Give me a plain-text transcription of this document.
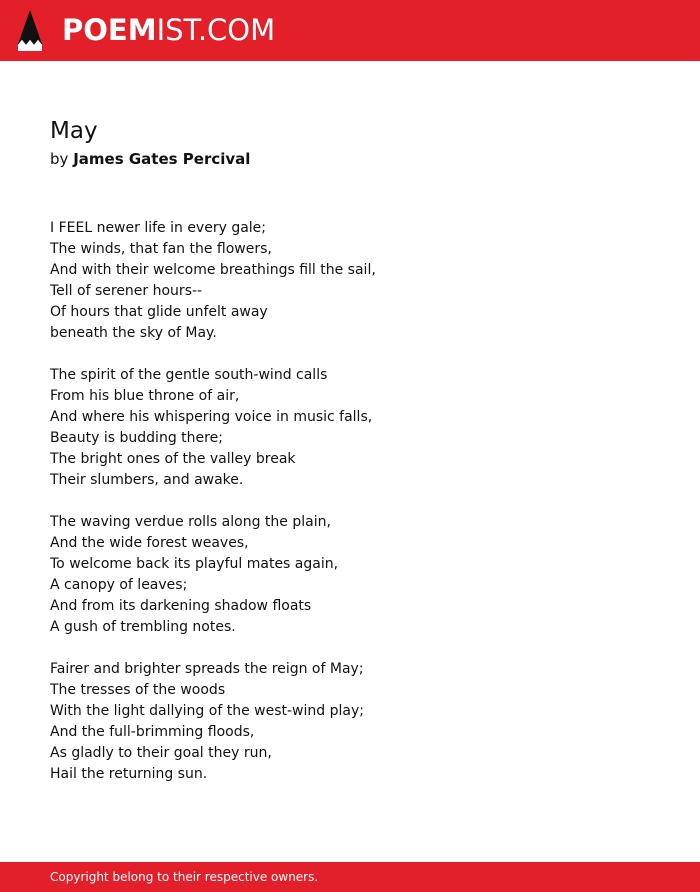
POEMIST.COM
May
by James Gates Percival
I FEEL newer life in every gale;
The winds, that fan the flowers,
And with their welcome breathings fill the sail,
Tell of serener hours--
Of hours that glide unfelt away
beneath the sky of May.
The spirit of the gentle south-wind calls
From his blue throne of air,
And where his whispering voice in music falls,
Beauty is budding there;
The bright ones of the valley break
Their slumbers, and awake.
The waving verdue rolls along the plain,
And the wide forest weaves,
To welcome back its playful mates again,
A canopy of leaves;
And from its darkening shadow floats
A gush of trembling notes.
Fairer and brighter spreads the reign of May;
The tresses of the woods
With the light dallying of the west-wind play;
And the full-brimming floods,
As gladly to their goal they run,
Hail the returning sun.
Copyright belong to their respective owners.
